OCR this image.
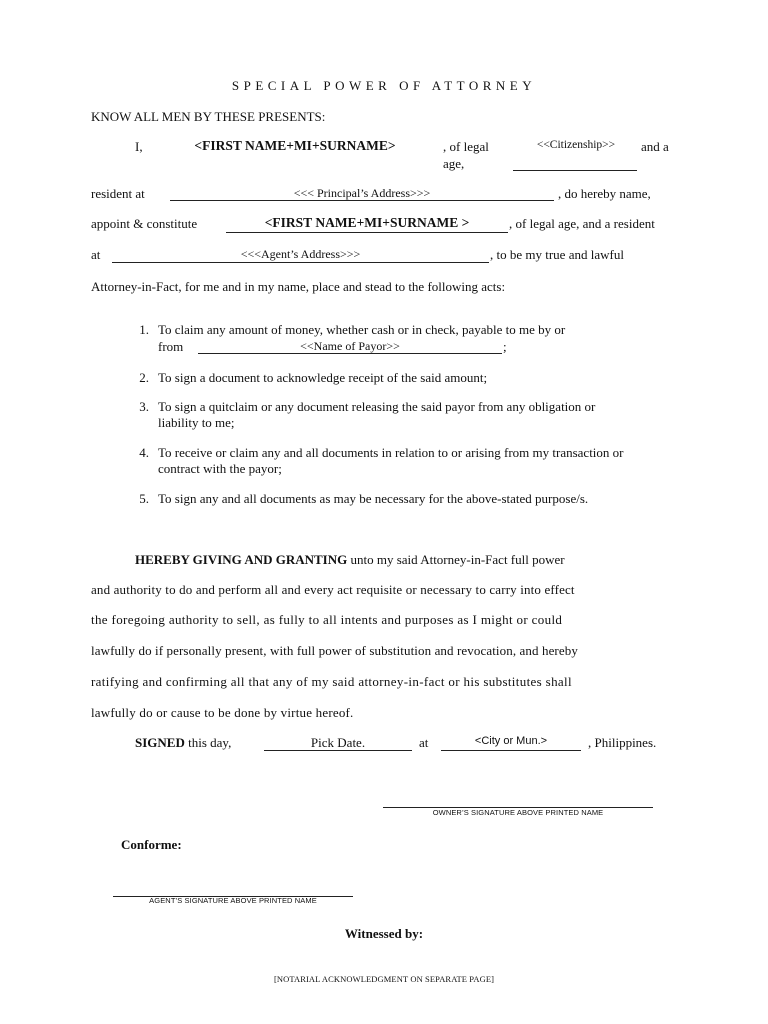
SPECIAL POWER OF ATTORNEY
KNOW ALL MEN BY THESE PRESENTS:
I,	<FIRST NAME+MI+SURNAME>	, of legal
age,
<<Citizenship>>	and a
resident at	<<< Principal’s Address>>>	, do hereby name,
appoint & constitute	<FIRST NAME+MI+SURNAME >	, of legal age, and a resident
at	<<<Agent’s Address>>>	, to be my true and lawful
Attorney-in-Fact, for me and in my name, place and stead to the following acts:
1. To claim any amount of money, whether cash or in check, payable to me by or
from	<<Name of Payor>>	;
2. To sign a document to acknowledge receipt of the said amount;
3. To sign a quitclaim or any document releasing the said payor from any obligation or liability to me;
4. To receive or claim any and all documents in relation to or arising from my transaction or contract with the payor;
5. To sign any and all documents as may be necessary for the above-stated purpose/s.
HEREBY GIVING AND GRANTING unto my said Attorney-in-Fact full power
and authority to do and perform all and every act requisite or necessary to carry into effect
the foregoing authority to sell, as fully to all intents and purposes as I might or could
lawfully do if personally present, with full power of substitution and revocation, and hereby
ratifying and confirming all that any of my said attorney-in-fact or his substitutes shall
lawfully do or cause to be done by virtue hereof.
SIGNED this day,	Pick Date.	at	<City or Mun.>	, Philippines.
OWNER’S SIGNATURE ABOVE PRINTED NAME
Conforme:
AGENT’S SIGNATURE ABOVE PRINTED NAME
Witnessed by:
[NOTARIAL ACKNOWLEDGMENT ON SEPARATE PAGE]
